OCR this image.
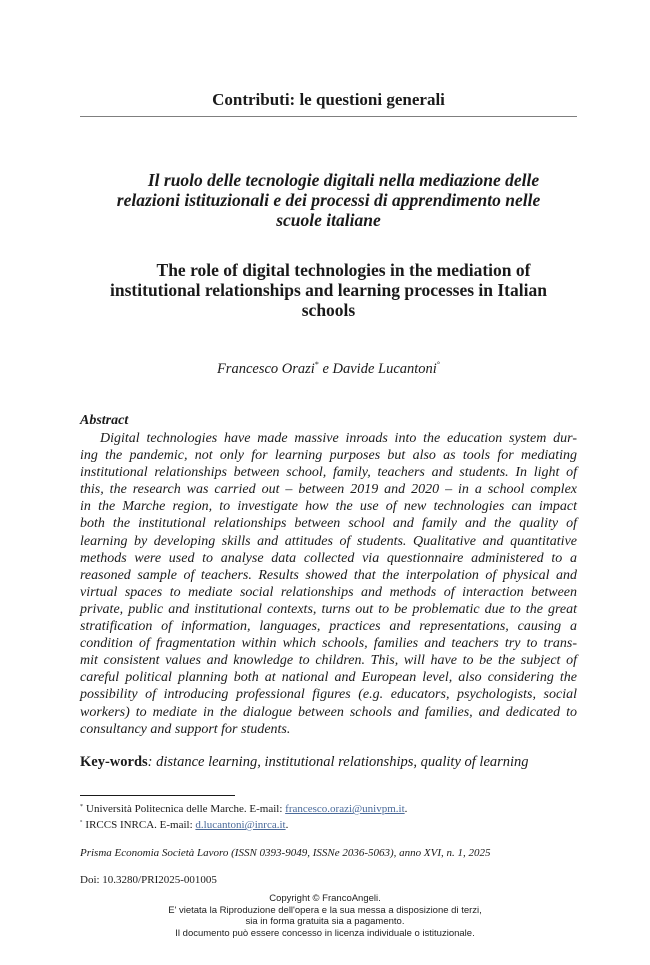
Contributi: le questioni generali
Il ruolo delle tecnologie digitali nella mediazione delle
relazioni istituzionali e dei processi di apprendimento nelle
scuole italiane
The role of digital technologies in the mediation of
institutional relationships and learning processes in Italian
schools
Francesco Orazi* e Davide Lucantoni°
Abstract
Digital technologies have made massive inroads into the education system dur-
ing the pandemic, not only for learning purposes but also as tools for mediating
institutional relationships between school, family, teachers and students. In light of
this, the research was carried out – between 2019 and 2020 – in a school complex
in the Marche region, to investigate how the use of new technologies can impact
both the institutional relationships between school and family and the quality of
learning by developing skills and attitudes of students. Qualitative and quantitative
methods were used to analyse data collected via questionnaire administered to a
reasoned sample of teachers. Results showed that the interpolation of physical and
virtual spaces to mediate social relationships and methods of interaction between
private, public and institutional contexts, turns out to be problematic due to the great
stratification of information, languages, practices and representations, causing a
condition of fragmentation within which schools, families and teachers try to trans-
mit consistent values and knowledge to children. This, will have to be the subject of
careful political planning both at national and European level, also considering the
possibility of introducing professional figures (e.g. educators, psychologists, social
workers) to mediate in the dialogue between schools and families, and dedicated to
consultancy and support for students.
Key-words: distance learning, institutional relationships, quality of learning
* Università Politecnica delle Marche. E-mail: francesco.orazi@univpm.it.
° IRCCS INRCA. E-mail: d.lucantoni@inrca.it.
Prisma Economia Società Lavoro (ISSN 0393-9049, ISSNe 2036-5063), anno XVI, n. 1, 2025
Doi: 10.3280/PRI2025-001005
Copyright © FrancoAngeli.
E' vietata la Riproduzione dell'opera e la sua messa a disposizione di terzi,
sia in forma gratuita sia a pagamento.
Il documento può essere concesso in licenza individuale o istituzionale.
